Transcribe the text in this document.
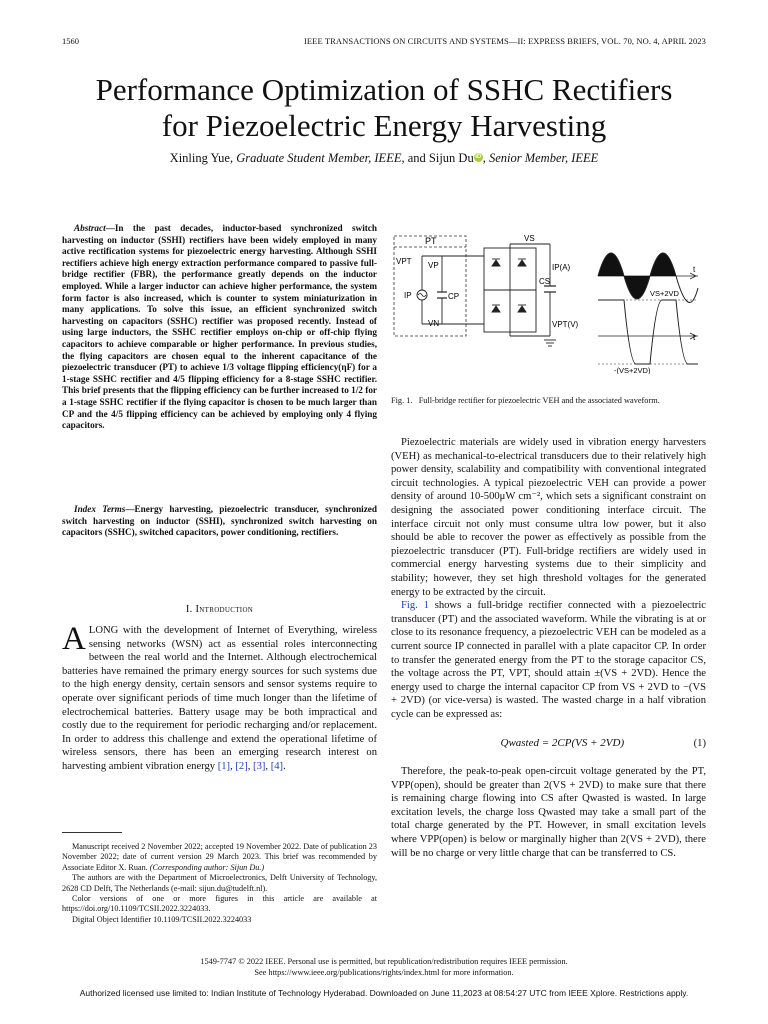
1560	IEEE TRANSACTIONS ON CIRCUITS AND SYSTEMS—II: EXPRESS BRIEFS, VOL. 70, NO. 4, APRIL 2023
Performance Optimization of SSHC Rectifiers
for Piezoelectric Energy Harvesting
Xinling Yue, Graduate Student Member, IEEE, and Sijun Du iD , Senior Member, IEEE

Abstract—In the past decades, inductor-based synchronized switch harvesting on inductor (SSHI) rectifiers have been widely employed in many active rectification systems for piezoelectric energy harvesting. Although SSHI rectifiers achieve high energy extraction performance compared to passive full-bridge rectifier (FBR), the performance greatly depends on the inductor employed. While a larger inductor can achieve higher performance, the system form factor is also increased, which is counter to system miniaturization in many applications. To solve this issue, an efficient synchronized switch harvesting on capacitors (SSHC) rectifier was proposed recently. Instead of using large inductors, the SSHC rectifier employs on-chip or off-chip flying capacitors to achieve comparable or higher performance. In previous studies, the flying capacitors are chosen equal to the inherent capacitance of the piezoelectric transducer (PT) to achieve 1/3 voltage flipping efficiency(ηF) for a 1-stage SSHC rectifier and 4/5 flipping efficiency for a 8-stage SSHC rectifier. This brief presents that the flipping efficiency can be further increased to 1/2 for a 1-stage SSHC rectifier if the flying capacitor is chosen to be much larger than CP and the 4/5 flipping efficiency can be achieved by employing only 4 flying capacitors.

Index Terms—Energy harvesting, piezoelectric transducer, synchronized switch harvesting on inductor (SSHI), synchronized switch harvesting on capacitors (SSHC), switched capacitors, power conditioning, rectifiers.

I. Introduction

ALONG with the development of Internet of Everything, wireless sensing networks (WSN) act as essential roles interconnecting between the real world and the Internet. Although electrochemical batteries have remained the primary energy sources for such systems due to the high energy density, certain sensors and sensor systems require to operate over significant periods of time much longer than the lifetime of electrochemical batteries. Battery usage may be both impractical and costly due to the requirement for periodic recharging and/or replacement. In order to address this challenge and extend the operational lifetime of wireless sensors, there has been an emerging research interest on harvesting ambient vibration energy [1], [2], [3], [4].

Manuscript received 2 November 2022; accepted 19 November 2022. Date of publication 23 November 2022; date of current version 29 March 2023. This brief was recommended by Associate Editor X. Ruan. (Corresponding author: Sijun Du.)

The authors are with the Department of Microelectronics, Delft University of Technology, 2628 CD Delft, The Netherlands (e-mail: sijun.du@tudelft.nl).

Color versions of one or more figures in this article are available at https://doi.org/10.1109/TCSII.2022.3224033.

Digital Object Identifier 10.1109/TCSII.2022.3224033

PT
VPT VP
VN
IP	CP
VS
CS
IP(A)	t
VPT(V)
VS+2VD
t
-(VS+2VD)
Fig. 1. Full-bridge rectifier for piezoelectric VEH and the associated waveform.

Piezoelectric materials are widely used in vibration energy harvesters (VEH) as mechanical-to-electrical transducers due to their relatively high power density, scalability and compatibility with conventional integrated circuit technologies. A typical piezoelectric VEH can provide a power density of around 10-500μW cm⁻², which sets a significant constraint on designing the associated power conditioning interface circuit. The interface circuit not only must consume ultra low power, but it also should be able to recover the power as effectively as possible from the piezoelectric transducer (PT). Full-bridge rectifiers are widely used in commercial energy harvesting systems due to their simplicity and stability; however, they set high threshold voltages for the generated energy to be extracted by the circuit.

Fig. 1 shows a full-bridge rectifier connected with a piezoelectric transducer (PT) and the associated waveform. While the vibrating is at or close to its resonance frequency, a piezoelectric VEH can be modeled as a current source IP connected in parallel with a plate capacitor CP. In order to transfer the generated energy from the PT to the storage capacitor CS, the voltage across the PT, VPT, should attain ±(VS + 2VD). Hence the energy used to charge the internal capacitor CP from VS + 2VD to −(VS + 2VD) (or vice-versa) is wasted. The wasted charge in a half vibration cycle can be expressed as:

Qwasted = 2CP(VS + 2VD)	(1)

Therefore, the peak-to-peak open-circuit voltage generated by the PT, VPP(open), should be greater than 2(VS + 2VD) to make sure that there is remaining charge flowing into CS after Qwasted is wasted. In large excitation levels, the charge loss Qwasted may take a small part of the total charge generated by the PT. However, in small excitation levels where VPP(open) is below or marginally higher than 2(VS + 2VD), there will be no charge or very little charge that can be transferred to CS.

1549-7747 © 2022 IEEE. Personal use is permitted, but republication/redistribution requires IEEE permission.
See https://www.ieee.org/publications/rights/index.html for more information.
Authorized licensed use limited to: Indian Institute of Technology Hyderabad. Downloaded on June 11,2023 at 08:54:27 UTC from IEEE Xplore. Restrictions apply.
